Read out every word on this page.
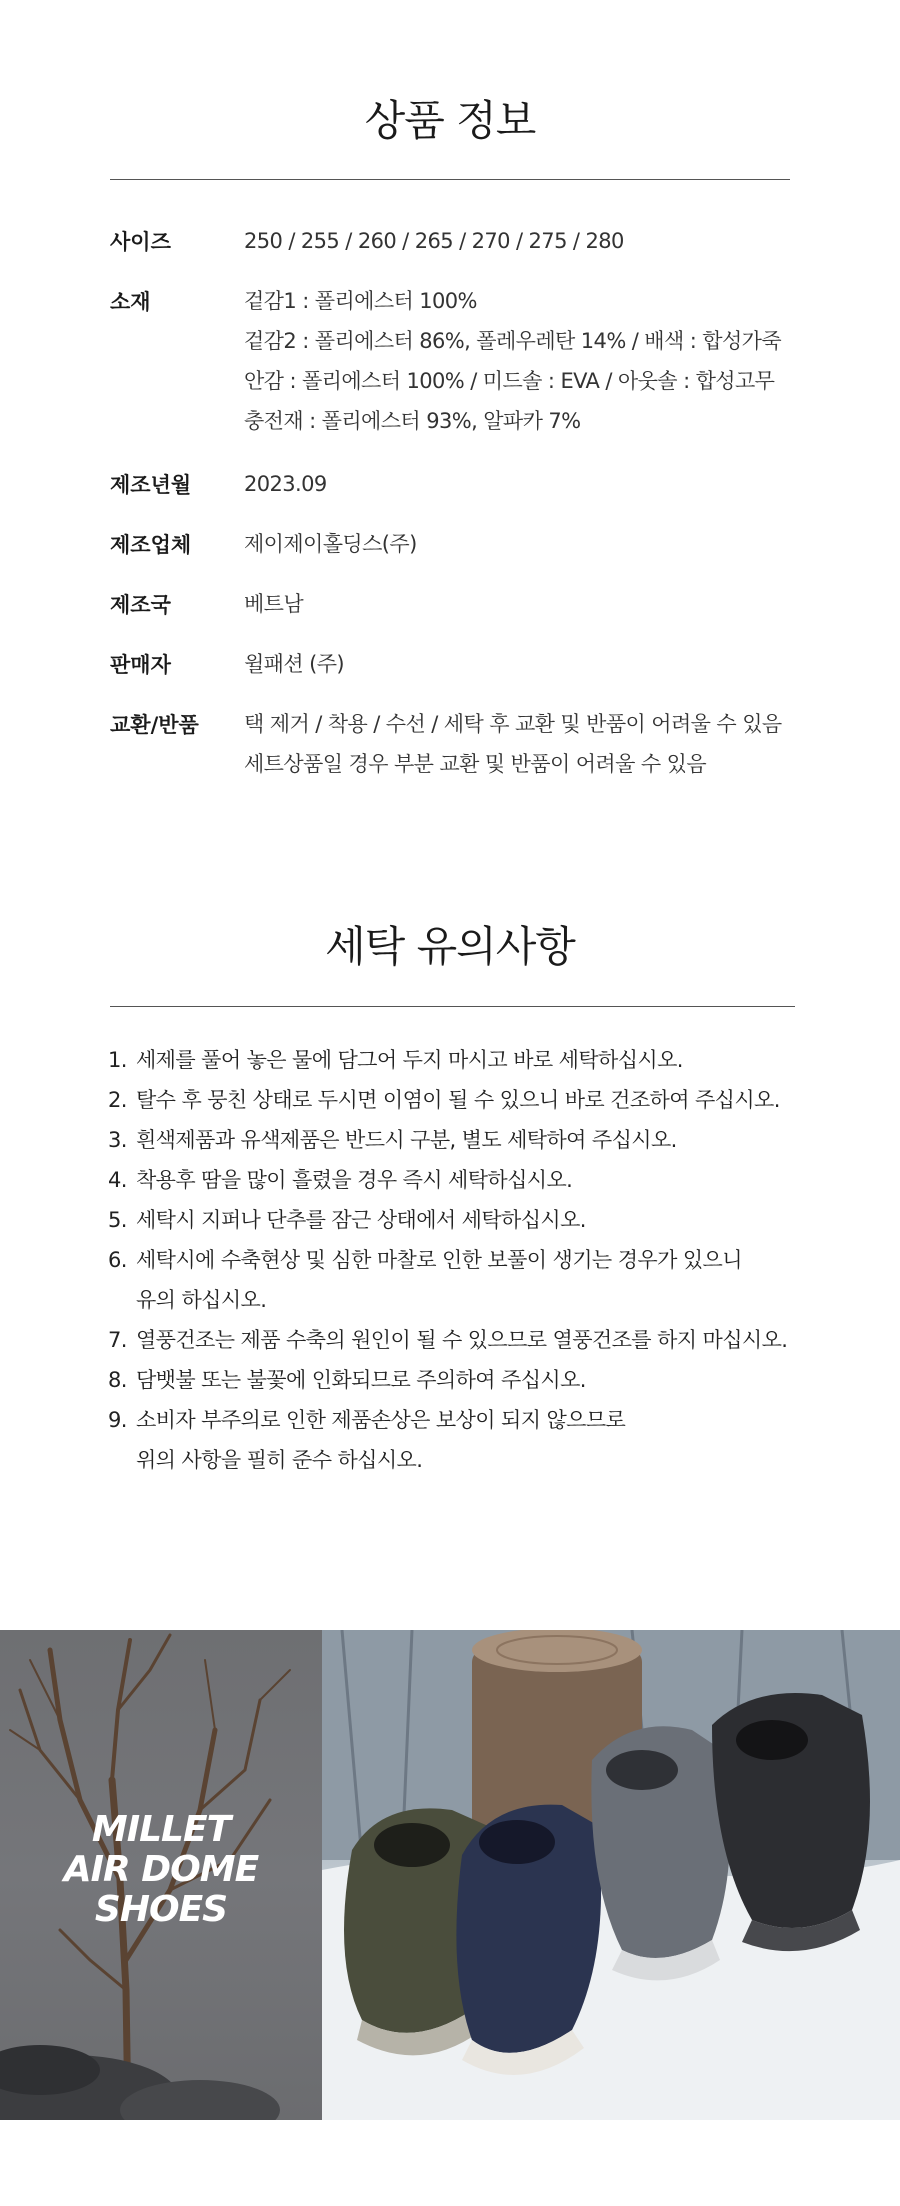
상품 정보
사이즈	250 / 255 / 260 / 265 / 270 / 275 / 280
소재	겉감1 : 폴리에스터 100%
겉감2 : 폴리에스터 86%, 폴레우레탄 14% / 배색 : 합성가죽
안감 : 폴리에스터 100% / 미드솔 : EVA / 아웃솔 : 합성고무
충전재 : 폴리에스터 93%, 알파카 7%
제조년월	2023.09
제조업체	제이제이홀딩스(주)
제조국	베트남
판매자	윌패션 (주)
교환/반품 택 제거 / 착용 / 수선 / 세탁 후 교환 및 반품이 어려울 수 있음
세트상품일 경우 부분 교환 및 반품이 어려울 수 있음
세탁 유의사항
1. 세제를 풀어 놓은 물에 담그어 두지 마시고 바로 세탁하십시오.
2. 탈수 후 뭉친 상태로 두시면 이염이 될 수 있으니 바로 건조하여 주십시오.
3. 흰색제품과 유색제품은 반드시 구분, 별도 세탁하여 주십시오.
4. 착용후 땀을 많이 흘렸을 경우 즉시 세탁하십시오.
5. 세탁시 지퍼나 단추를 잠근 상태에서 세탁하십시오.
6. 세탁시에 수축현상 및 심한 마찰로 인한 보풀이 생기는 경우가 있으니
유의 하십시오.
7. 열풍건조는 제품 수축의 원인이 될 수 있으므로 열풍건조를 하지 마십시오.
8. 담뱃불 또는 불꽃에 인화되므로 주의하여 주십시오.
9. 소비자 부주의로 인한 제품손상은 보상이 되지 않으므로
위의 사항을 필히 준수 하십시오.
MILLET
AIR DOME
SHOES
